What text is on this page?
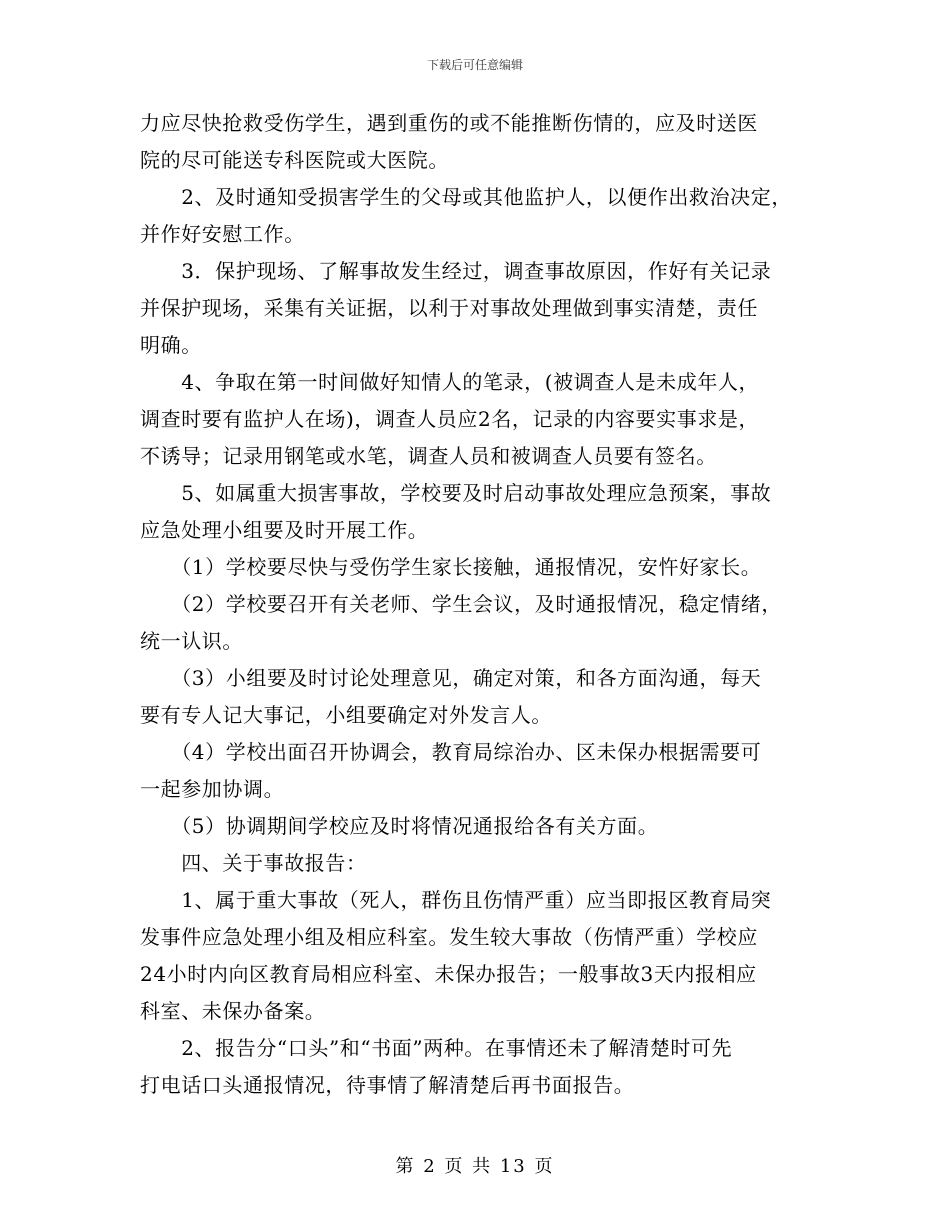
下载后可任意编辑
力应尽快抢救受伤学生，遇到重伤的或不能推断伤情的，应及时送医
院的尽可能送专科医院或大医院。
　　2、及时通知受损害学生的父母或其他监护人，以便作出救治决定，
并作好安慰工作。
　　3．保护现场、了解事故发生经过，调查事故原因，作好有关记录
并保护现场，采集有关证据，以利于对事故处理做到事实清楚，责任
明确。
　　4、争取在第一时间做好知情人的笔录，(被调查人是未成年人，
调查时要有监护人在场)，调查人员应2名，记录的内容要实事求是，
不诱导；记录用钢笔或水笔，调查人员和被调查人员要有签名。
　　5、如属重大损害事故，学校要及时启动事故处理应急预案，事故
应急处理小组要及时开展工作。
　　（1）学校要尽快与受伤学生家长接触，通报情况，安忤好家长。
　　（2）学校要召开有关老师、学生会议，及时通报情况，稳定情绪，
统一认识。
　　（3）小组要及时讨论处理意见，确定对策，和各方面沟通，每天
要有专人记大事记，小组要确定对外发言人。
　　（4）学校出面召开协调会，教育局综治办、区未保办根据需要可
一起参加协调。
　　（5）协调期间学校应及时将情况通报给各有关方面。
　　四、关于事故报告：
　　1、属于重大事故（死人，群伤且伤情严重）应当即报区教育局突
发事件应急处理小组及相应科室。发生较大事故（伤情严重）学校应
24小时内向区教育局相应科室、未保办报告；一般事故3天内报相应
科室、未保办备案。
　　2、报告分“口头”和“书面”两种。在事情还未了解清楚时可先
打电话口头通报情况，待事情了解清楚后再书面报告。
第 2 页 共 13 页
